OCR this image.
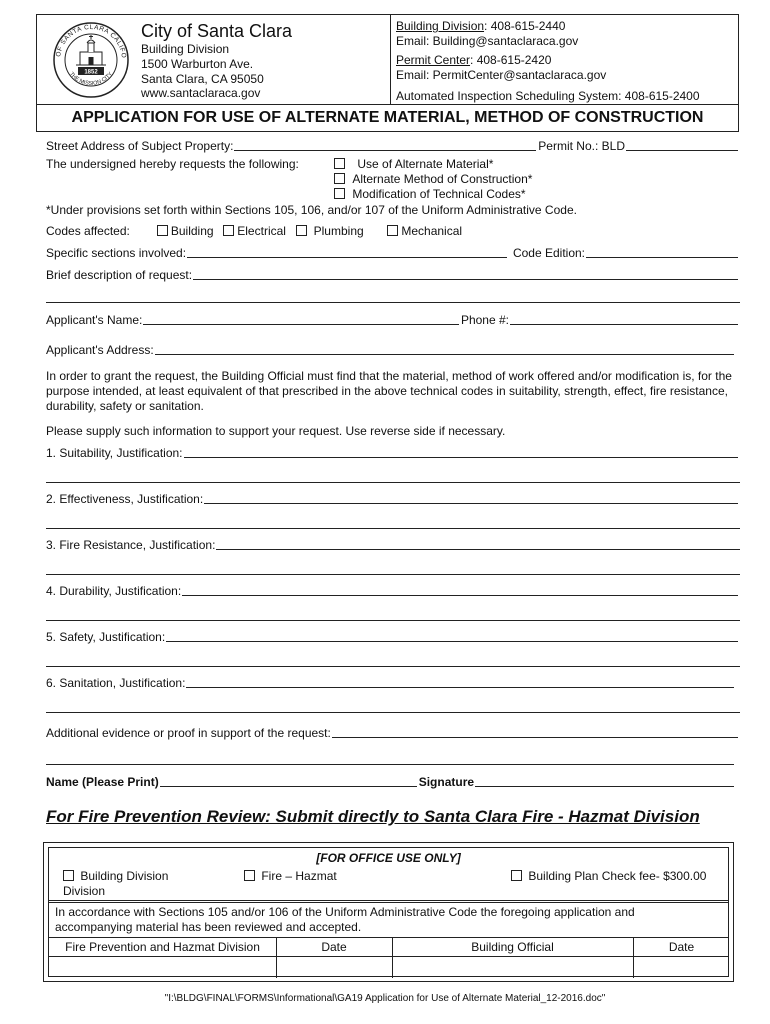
OF SANTA CLARA CALIFO
THE MISSION CITY
1852
City of Santa Clara
Building Division
1500 Warburton Ave.
Santa Clara, CA 95050
www.santaclaraca.gov
Building Division: 408-615-2440
Email: Building@santaclaraca.gov
Permit Center: 408-615-2420
Email: PermitCenter@santaclaraca.gov
Automated Inspection Scheduling System: 408-615-2400
APPLICATION FOR USE OF ALTERNATE MATERIAL, METHOD OF CONSTRUCTION
Street Address of Subject Property:	Permit No.: BLD
The undersigned hereby requests the following:	Use of Alternate Material*
Alternate Method of Construction*
Modification of Technical Codes*
*Under provisions set forth within Sections 105, 106, and/or 107 of the Uniform Administrative Code.
Codes affected:	Building Electrical Plumbing	Mechanical
Specific sections involved:	Code Edition:
Brief description of request:
Applicant's Name:	Phone #:
Applicant's Address:
In order to grant the request, the Building Official must find that the material, method of work offered and/or modification is, for the purpose intended, at least equivalent of that prescribed in the above technical codes in suitability, strength, effect, fire resistance, durability, safety or sanitation.
Please supply such information to support your request. Use reverse side if necessary.
1. Suitability, Justification:
2. Effectiveness, Justification:
3. Fire Resistance, Justification:
4. Durability, Justification:
5. Safety, Justification:
6. Sanitation, Justification:
Additional evidence or proof in support of the request:
Name (Please Print)	Signature
For Fire Prevention Review: Submit directly to Santa Clara Fire - Hazmat Division
[FOR OFFICE USE ONLY]
Building Division
Division
Fire – Hazmat	Building Plan Check fee- $300.00
In accordance with Sections 105 and/or 106 of the Uniform Administrative Code the foregoing application and accompanying material has been reviewed and accepted.
Fire Prevention and Hazmat Division	Date	Building Official	Date
"I:\BLDG\FINAL\FORMS\Informational\GA19 Application for Use of Alternate Material_12-2016.doc"
